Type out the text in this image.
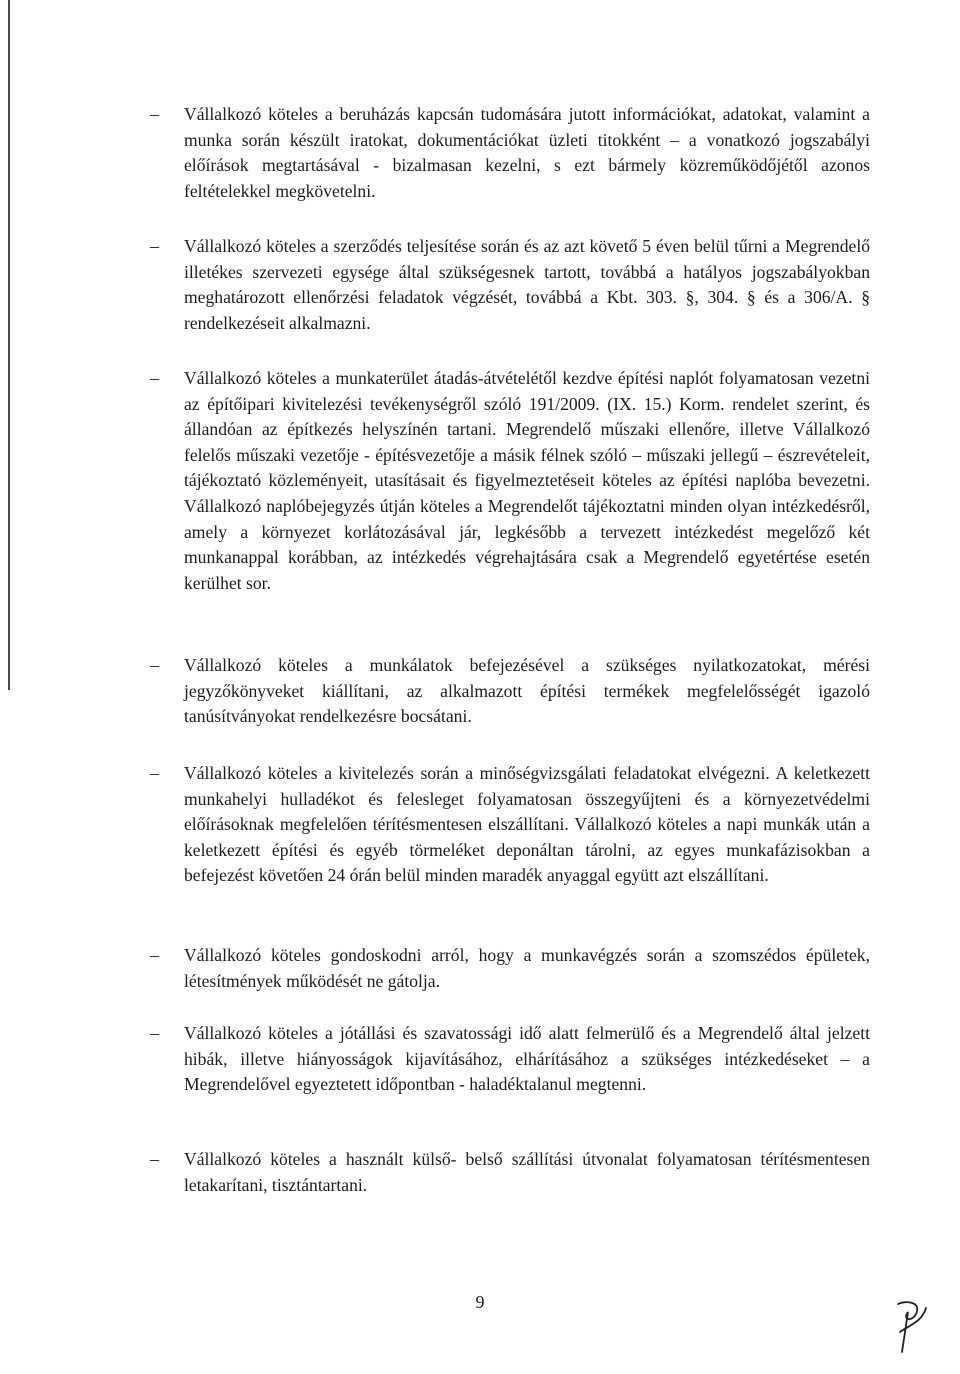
– Vállalkozó köteles a beruházás kapcsán tudomására jutott információkat, adatokat, valamint a munka során készült iratokat, dokumentációkat üzleti titokként – a vonatkozó jogszabályi előírások megtartásával - bizalmasan kezelni, s ezt bármely közreműködőjétől azonos feltételekkel megkövetelni.
– Vállalkozó köteles a szerződés teljesítése során és az azt követő 5 éven belül tűrni a Megrendelő illetékes szervezeti egysége által szükségesnek tartott, továbbá a hatályos jogszabályokban meghatározott ellenőrzési feladatok végzését, továbbá a Kbt. 303. §, 304. § és a 306/A. § rendelkezéseit alkalmazni.
– Vállalkozó köteles a munkaterület átadás-átvételétől kezdve építési naplót folyamatosan vezetni az építőipari kivitelezési tevékenységről szóló 191/2009. (IX. 15.) Korm. rendelet szerint, és állandóan az építkezés helyszínén tartani. Megrendelő műszaki ellenőre, illetve Vállalkozó felelős műszaki vezetője - építésvezetője a másik félnek szóló – műszaki jellegű – észrevételeit, tájékoztató közleményeit, utasításait és figyelmeztetéseit köteles az építési naplóba bevezetni. Vállalkozó naplóbejegyzés útján köteles a Megrendelőt tájékoztatni minden olyan intézkedésről, amely a környezet korlátozásával jár, legkésőbb a tervezett intézkedést megelőző két munkanappal korábban, az intézkedés végrehajtására csak a Megrendelő egyetértése esetén kerülhet sor.
– Vállalkozó köteles a munkálatok befejezésével a szükséges nyilatkozatokat, mérési jegyzőkönyveket kiállítani, az alkalmazott építési termékek megfelelősségét igazoló tanúsítványokat rendelkezésre bocsátani.
– Vállalkozó köteles a kivitelezés során a minőségvizsgálati feladatokat elvégezni. A keletkezett munkahelyi hulladékot és felesleget folyamatosan összegyűjteni és a környezetvédelmi előírásoknak megfelelően térítésmentesen elszállítani. Vállalkozó köteles a napi munkák után a keletkezett építési és egyéb törmeléket deponáltan tárolni, az egyes munkafázisokban a befejezést követően 24 órán belül minden maradék anyaggal együtt azt elszállítani.
– Vállalkozó köteles gondoskodni arról, hogy a munkavégzés során a szomszédos épületek, létesítmények működését ne gátolja.
– Vállalkozó köteles a jótállási és szavatossági idő alatt felmerülő és a Megrendelő által jelzett hibák, illetve hiányosságok kijavításához, elhárításához a szükséges intézkedéseket – a Megrendelővel egyeztetett időpontban - haladéktalanul megtenni.
– Vállalkozó köteles a használt külső- belső szállítási útvonalat folyamatosan térítésmentesen letakarítani, tisztántartani.
9
